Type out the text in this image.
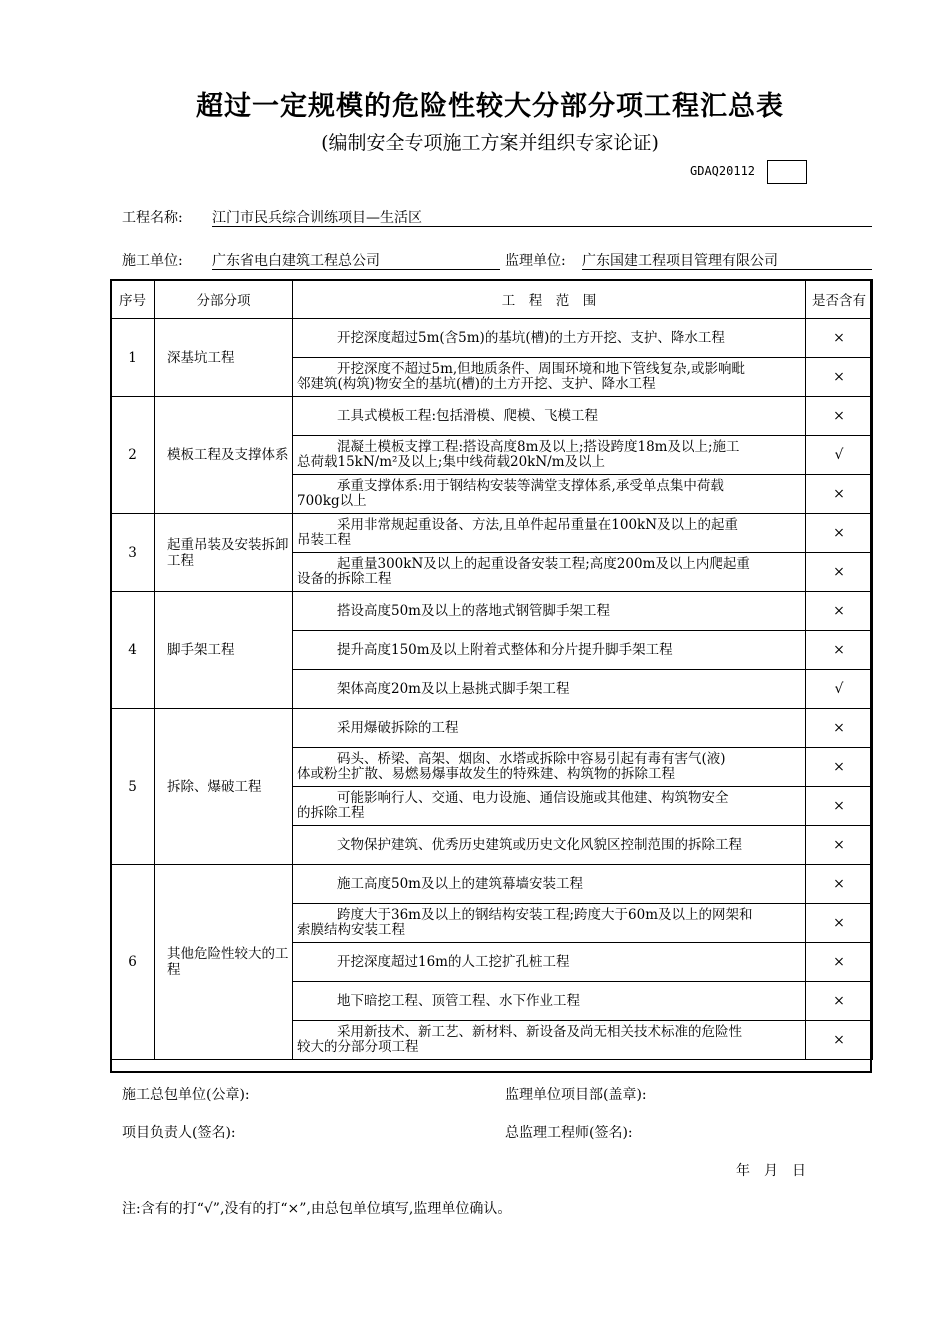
超过一定规模的危险性较大分部分项工程汇总表
(编制安全专项施工方案并组织专家论证)
GDAQ20112
工程名称: 江门市民兵综合训练项目—生活区
施工单位: 广东省电白建筑工程总公司	监理单位: 广东国建工程项目管理有限公司
序号	分部分项	工　程　范　围	是否含有
1	深基坑工程	开挖深度超过5m(含5m)的基坑(槽)的土方开挖、支护、降水工程	×

		开挖深度不超过5m,但地质条件、周围环境和地下管线复杂,或影响毗
邻建筑(构筑)物安全的基坑(槽)的土方开挖、支护、降水工程	×
2	模板工程及支撑体系	工具式模板工程:包括滑模、爬模、飞模工程	×

		混凝土模板支撑工程:搭设高度8m及以上;搭设跨度18m及以上;施工
总荷载15kN/m²及以上;集中线荷载20kN/m及以上	√

		承重支撑体系:用于钢结构安装等满堂支撑体系,承受单点集中荷载
700kg以上	×
3	起重吊装及安装拆卸工程	采用非常规起重设备、方法,且单件起吊重量在100kN及以上的起重
吊装工程	×

		起重量300kN及以上的起重设备安装工程;高度200m及以上内爬起重
设备的拆除工程	×
4	脚手架工程	搭设高度50m及以上的落地式钢管脚手架工程	×

		提升高度150m及以上附着式整体和分片提升脚手架工程	×

		架体高度20m及以上悬挑式脚手架工程	√
5	拆除、爆破工程	采用爆破拆除的工程	×

		码头、桥梁、高架、烟囱、水塔或拆除中容易引起有毒有害气(液)
体或粉尘扩散、易燃易爆事故发生的特殊建、构筑物的拆除工程	×

		可能影响行人、交通、电力设施、通信设施或其他建、构筑物安全
的拆除工程	×

		文物保护建筑、优秀历史建筑或历史文化风貌区控制范围的拆除工程	×
6	其他危险性较大的工程	施工高度50m及以上的建筑幕墙安装工程	×

		跨度大于36m及以上的钢结构安装工程;跨度大于60m及以上的网架和
索膜结构安装工程	×

		开挖深度超过16m的人工挖扩孔桩工程	×

		地下暗挖工程、顶管工程、水下作业工程	×

		采用新技术、新工艺、新材料、新设备及尚无相关技术标准的危险性
较大的分部分项工程	×
施工总包单位(公章):	监理单位项目部(盖章):
项目负责人(签名):	总监理工程师(签名):
年　月　日
注:含有的打“√”,没有的打“×”,由总包单位填写,监理单位确认。
